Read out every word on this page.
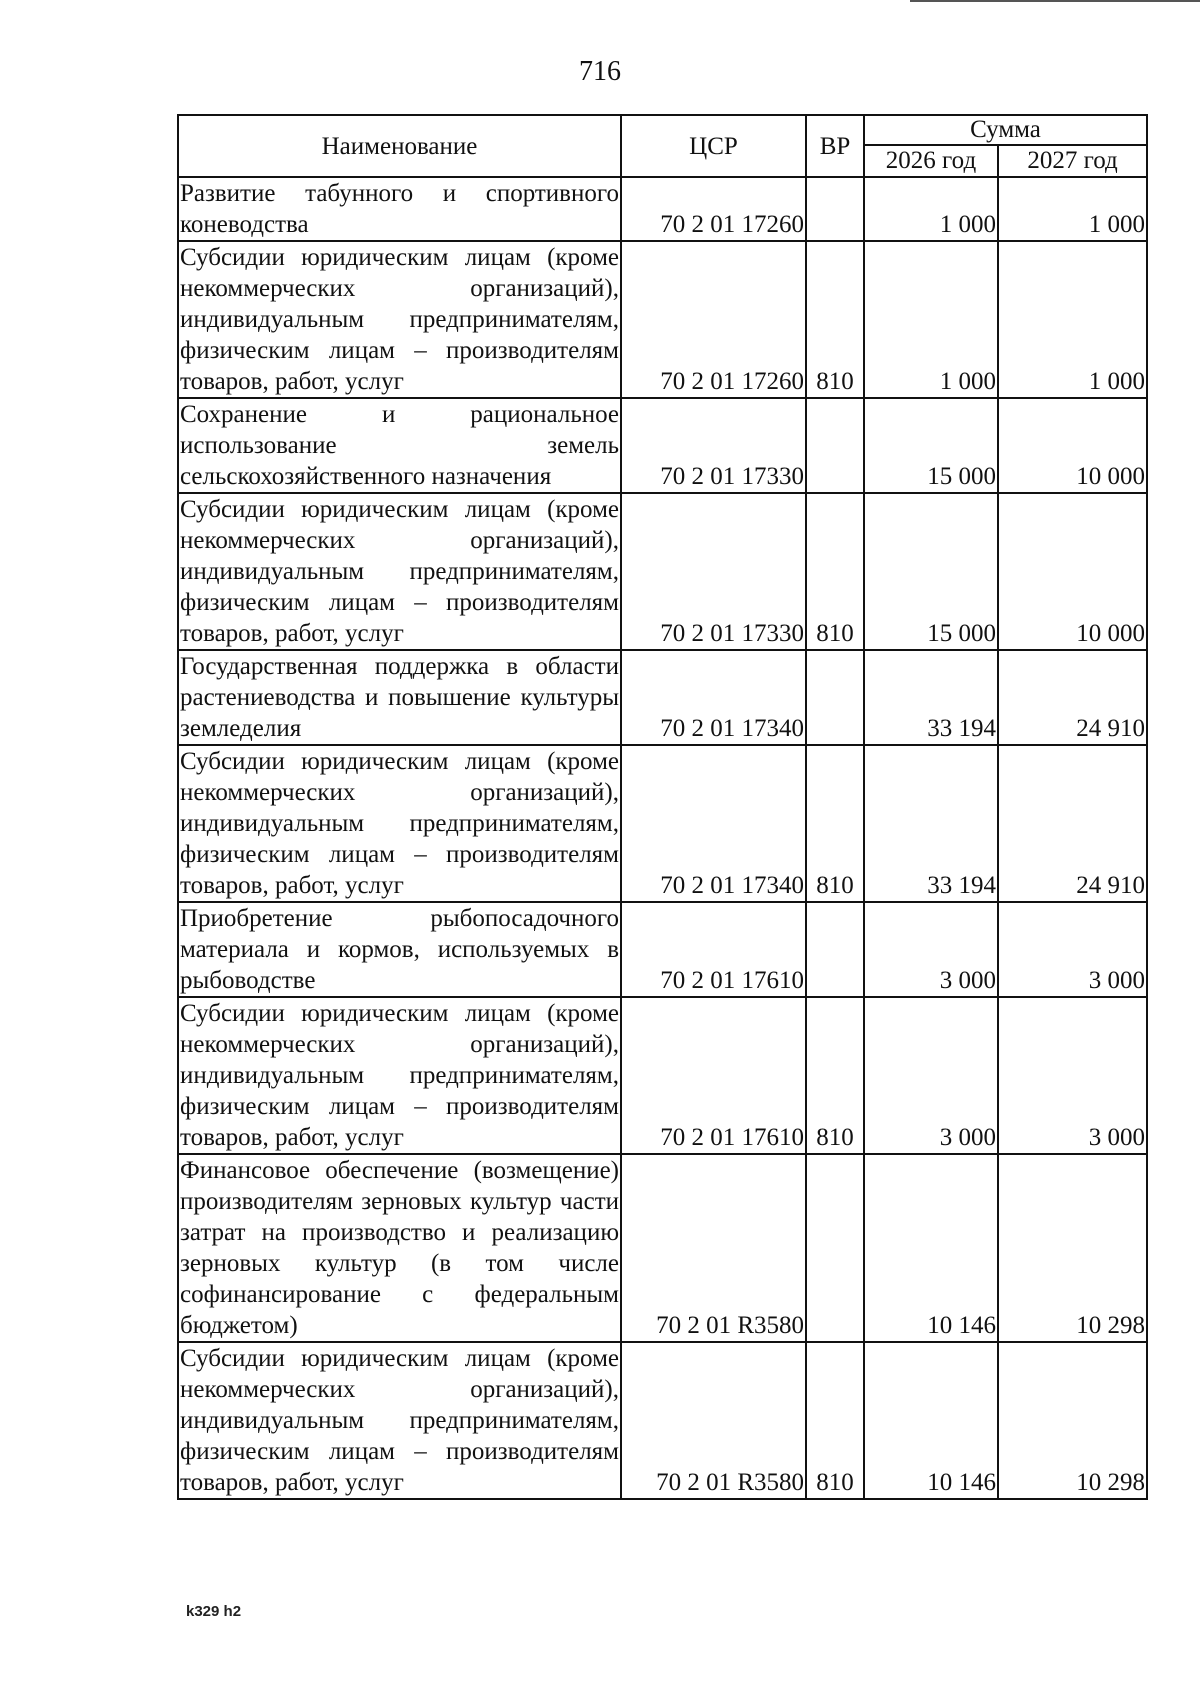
716
Наименование	ЦСР	ВР	Сумма	
			2026 год	2027 год
Развитие табунного и спортивного коневодства	70 2 01 17260		1 000	1 000
Субсидии юридическим лицам (кроме некоммерческих организаций), индивидуальным предпринимателям, физическим лицам – производителям товаров, работ, услуг	70 2 01 17260	810	1 000	1 000
Сохранение и рациональное использование земель сельскохозяйственного назначения	70 2 01 17330		15 000	10 000
Субсидии юридическим лицам (кроме некоммерческих организаций), индивидуальным предпринимателям, физическим лицам – производителям товаров, работ, услуг	70 2 01 17330	810	15 000	10 000
Государственная поддержка в области растениеводства и повышение культуры земледелия	70 2 01 17340		33 194	24 910
Субсидии юридическим лицам (кроме некоммерческих организаций), индивидуальным предпринимателям, физическим лицам – производителям товаров, работ, услуг	70 2 01 17340	810	33 194	24 910
Приобретение рыбопосадочного материала и кормов, используемых в рыбоводстве	70 2 01 17610		3 000	3 000
Субсидии юридическим лицам (кроме некоммерческих организаций), индивидуальным предпринимателям, физическим лицам – производителям товаров, работ, услуг	70 2 01 17610	810	3 000	3 000
Финансовое обеспечение (возмещение) производителям зерновых культур части затрат на производство и реализацию зерновых культур (в том числе софинансирование с федеральным бюджетом)	70 2 01 R3580		10 146	10 298
Субсидии юридическим лицам (кроме некоммерческих организаций), индивидуальным предпринимателям, физическим лицам – производителям товаров, работ, услуг	70 2 01 R3580	810	10 146	10 298
k329 h2
